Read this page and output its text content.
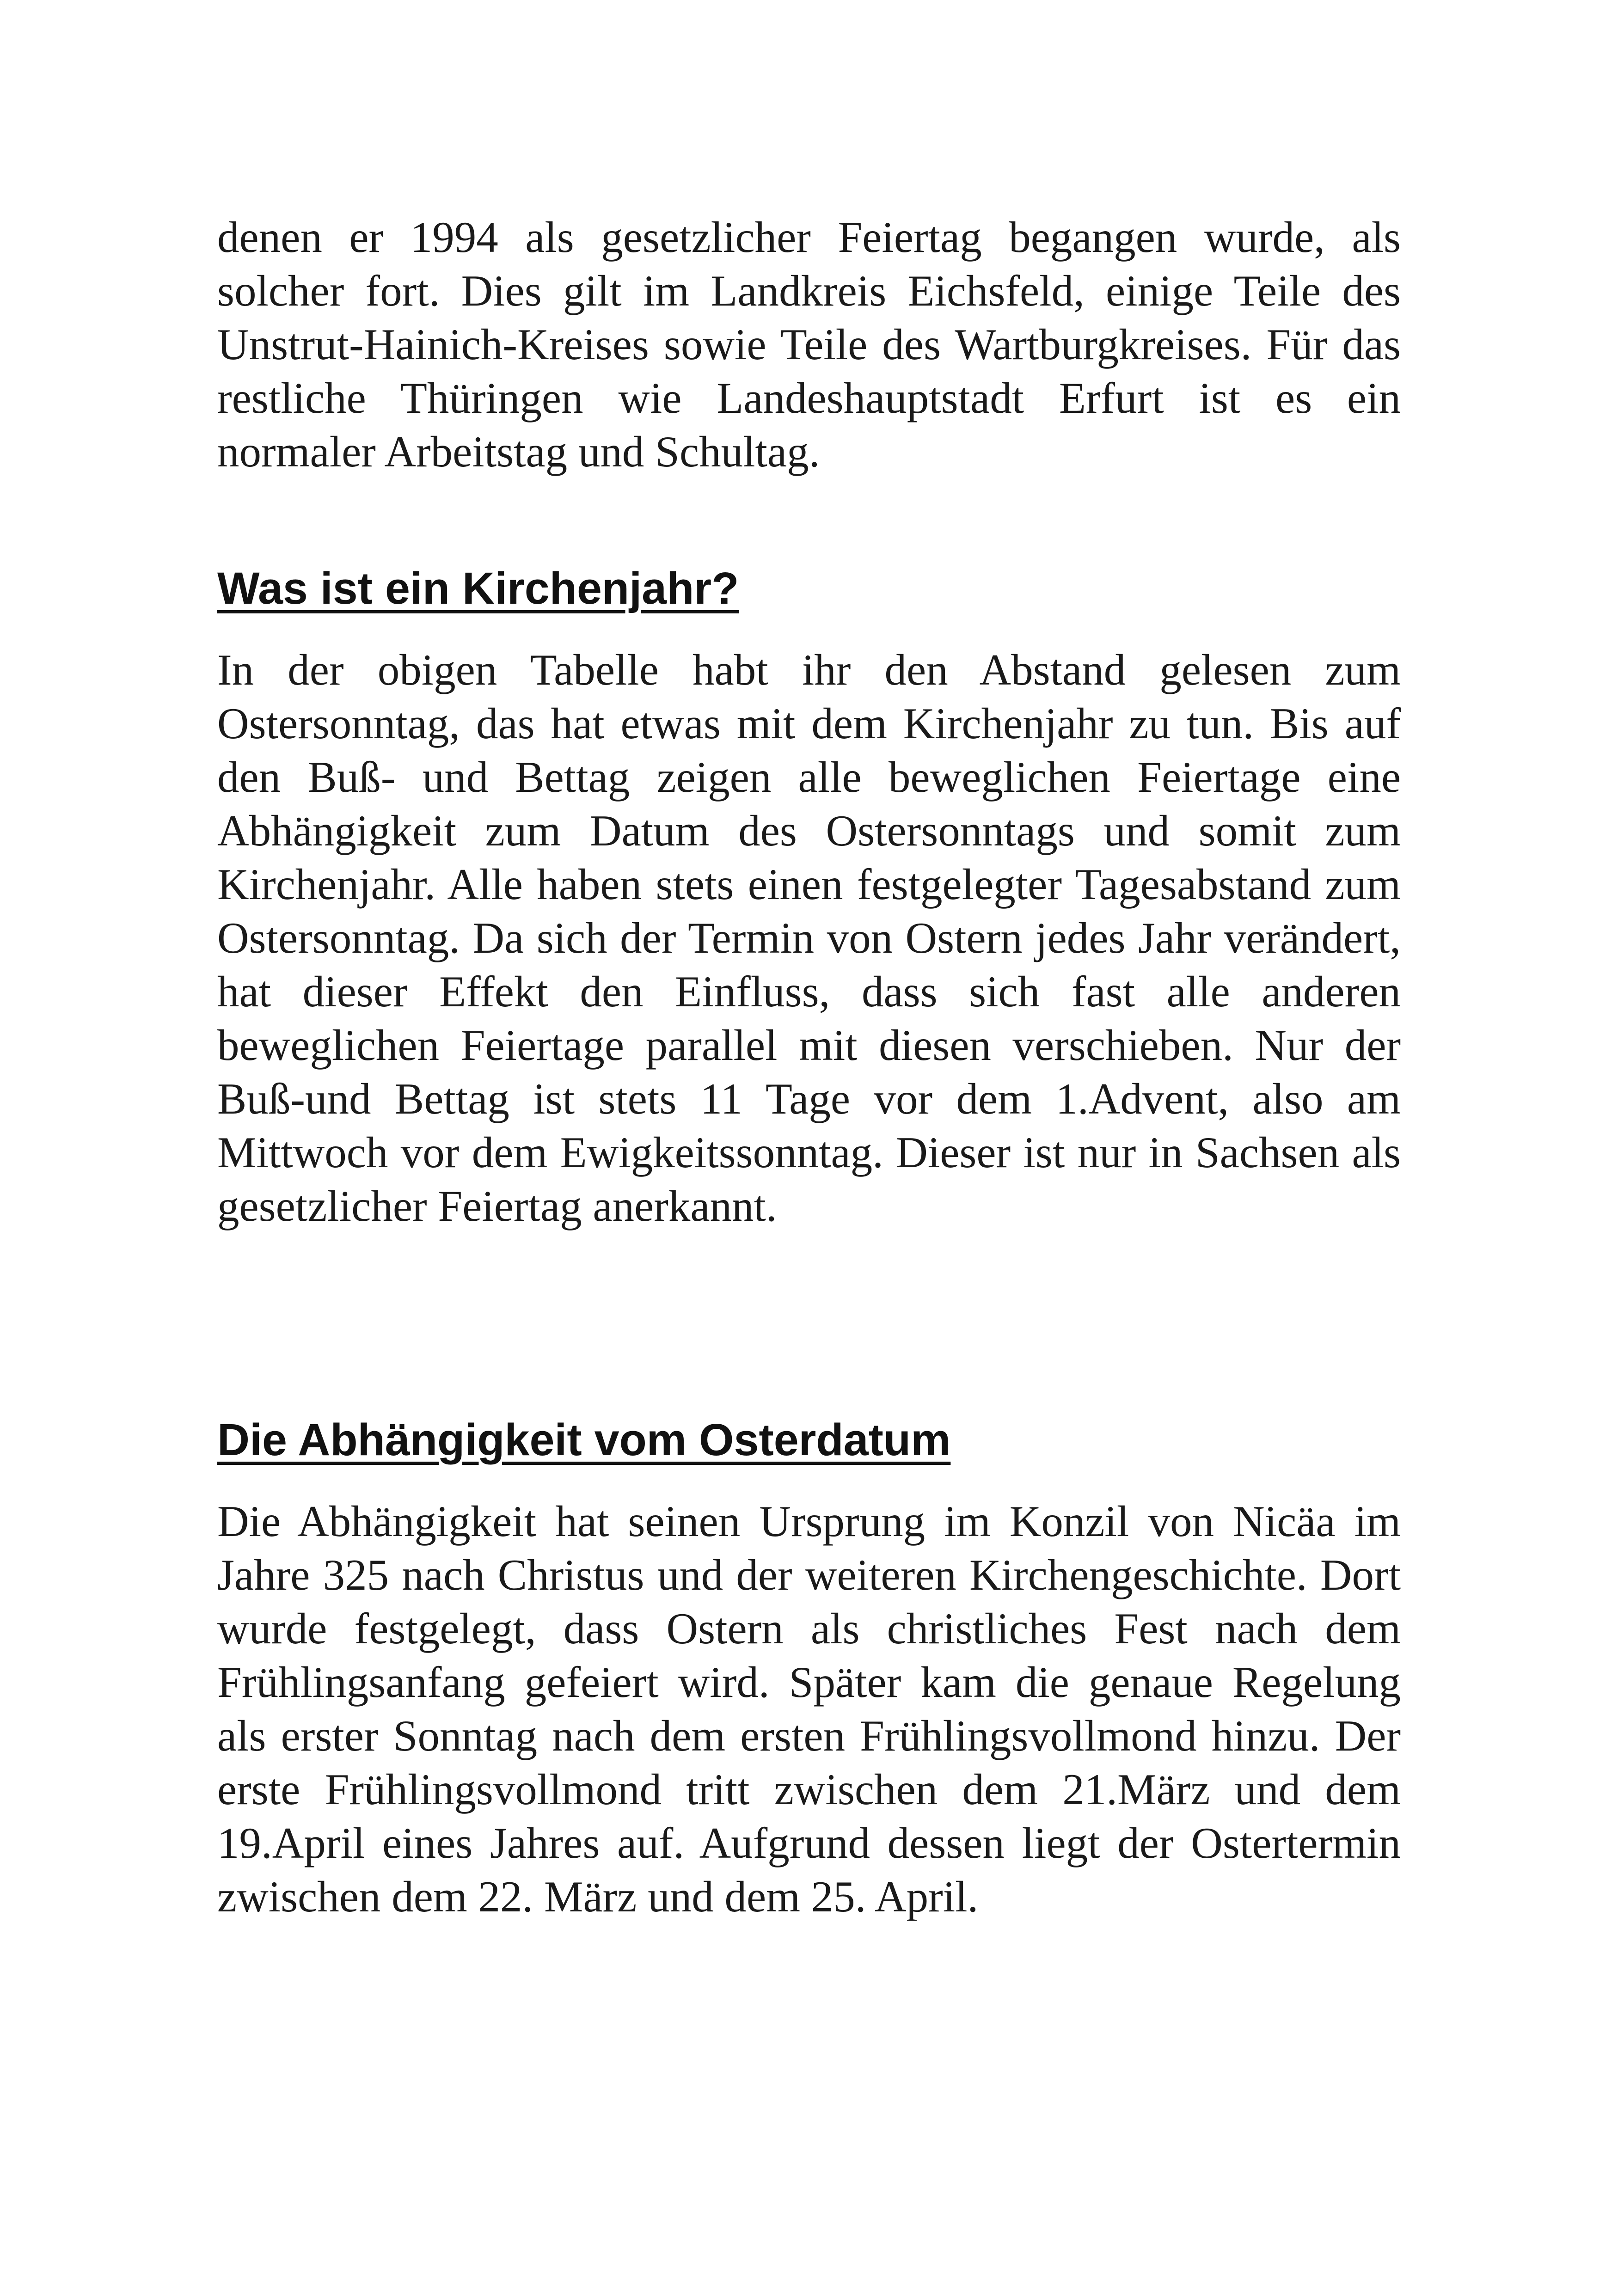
denen er 1994 als gesetzlicher Feiertag begangen wurde, als solcher fort. Dies gilt im Landkreis Eichsfeld, einige Teile des Unstrut-Hainich-Kreises sowie Teile des Wartburgkreises. Für das restliche Thüringen wie Landeshauptstadt Erfurt ist es ein normaler Arbeitstag und Schultag.

Was ist ein Kirchenjahr?

In der obigen Tabelle habt ihr den Abstand gelesen zum Ostersonntag, das hat etwas mit dem Kirchenjahr zu tun. Bis auf den Buß- und Bettag zeigen alle beweglichen Feiertage eine Abhängigkeit zum Datum des Ostersonntags und somit zum Kirchenjahr. Alle haben stets einen festgelegter Tagesabstand zum Ostersonntag. Da sich der Termin von Ostern jedes Jahr verändert, hat dieser Effekt den Einfluss, dass sich fast alle anderen beweglichen Feiertage parallel mit diesen verschieben. Nur der Buß-und Bettag ist stets 11 Tage vor dem 1.Advent, also am Mittwoch vor dem Ewigkeitssonntag. Dieser ist nur in Sachsen als gesetzlicher Feiertag anerkannt.

Die Abhängigkeit vom Osterdatum

Die Abhängigkeit hat seinen Ursprung im Konzil von Nicäa im Jahre 325 nach Christus und der weiteren Kirchengeschichte. Dort wurde festgelegt, dass Ostern als christliches Fest nach dem Frühlingsanfang gefeiert wird. Später kam die genaue Regelung als erster Sonntag nach dem ersten Frühlingsvollmond hinzu. Der erste Frühlingsvollmond tritt zwischen dem 21.März und dem 19.April eines Jahres auf. Aufgrund dessen liegt der Ostertermin zwischen dem 22. März und dem 25. April.
